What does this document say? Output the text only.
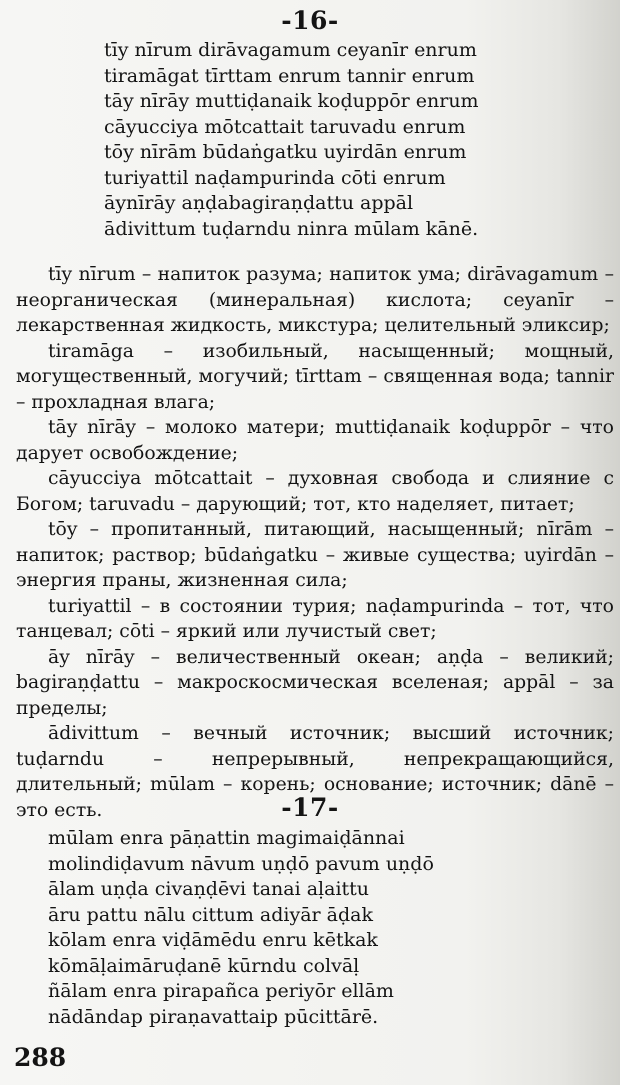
-16-
tīy nīrum dirāvagamum ceyanīr enrum
tiramāgat tīrttam enrum tannir enrum
tāy nīrāy muttiḍanaik koḍuppōr enrum
cāyucciya mōtcattait taruvadu enrum
tōy nīrām būdaṅgatku uyirdān enrum
turiyattil naḍampurinda cōti enrum
āynīrāy aṇḍabagiraṇḍattu appāl
ādivittum tuḍarndu ninra mūlam kānē.

tīy nīrum – напиток разума; напиток ума; dirāvagamum – неорганическая (минеральная) кислота; ceyanīr – лекарственная жидкость, микстура; целительный эликсир;

tiramāga – изобильный, насыщенный; мощный, могущественный, могучий; tīrttam – священная вода; tannir – прохладная влага;

tāy nīrāy – молоко матери; muttiḍanaik koḍuppōr – что дарует освобождение;

cāyucciya mōtcattait – духовная свобода и слияние с Богом; taruvadu – дарующий; тот, кто наделяет, питает;

tōy – пропитанный, питающий, насыщенный; nīrām – напиток; раствор; būdaṅgatku – живые существа; uyirdān – энергия праны, жизненная сила;

turiyattil – в состоянии турия; naḍampurinda – тот, что танцевал; cōti – яркий или лучистый свет;

āy nīrāy – величественный океан; aṇḍa – великий; bagiraṇḍattu – макроскосмическая вселеная; appāl – за пределы;

ādivittum – вечный источник; высший источник; tuḍarndu – непрерывный, непрекращающийся, длительный; mūlam – корень; основание; источник; dānē – это есть.	-17-
mūlam enra pāṇattin magimaiḍānnai
molindiḍavum nāvum uṇḍō pavum uṇḍō
ālam uṇḍa civaṇḍēvi tanai aḷaittu
āru pattu nālu cittum adiyār āḍak
kōlam enra viḍāmēdu enru kētkak
kōmāḷaimāruḍanē kūrndu colvāḷ
ñālam enra pirapañca periyōr ellām
nādāndap piraṇavattaip pūcittārē.
288
